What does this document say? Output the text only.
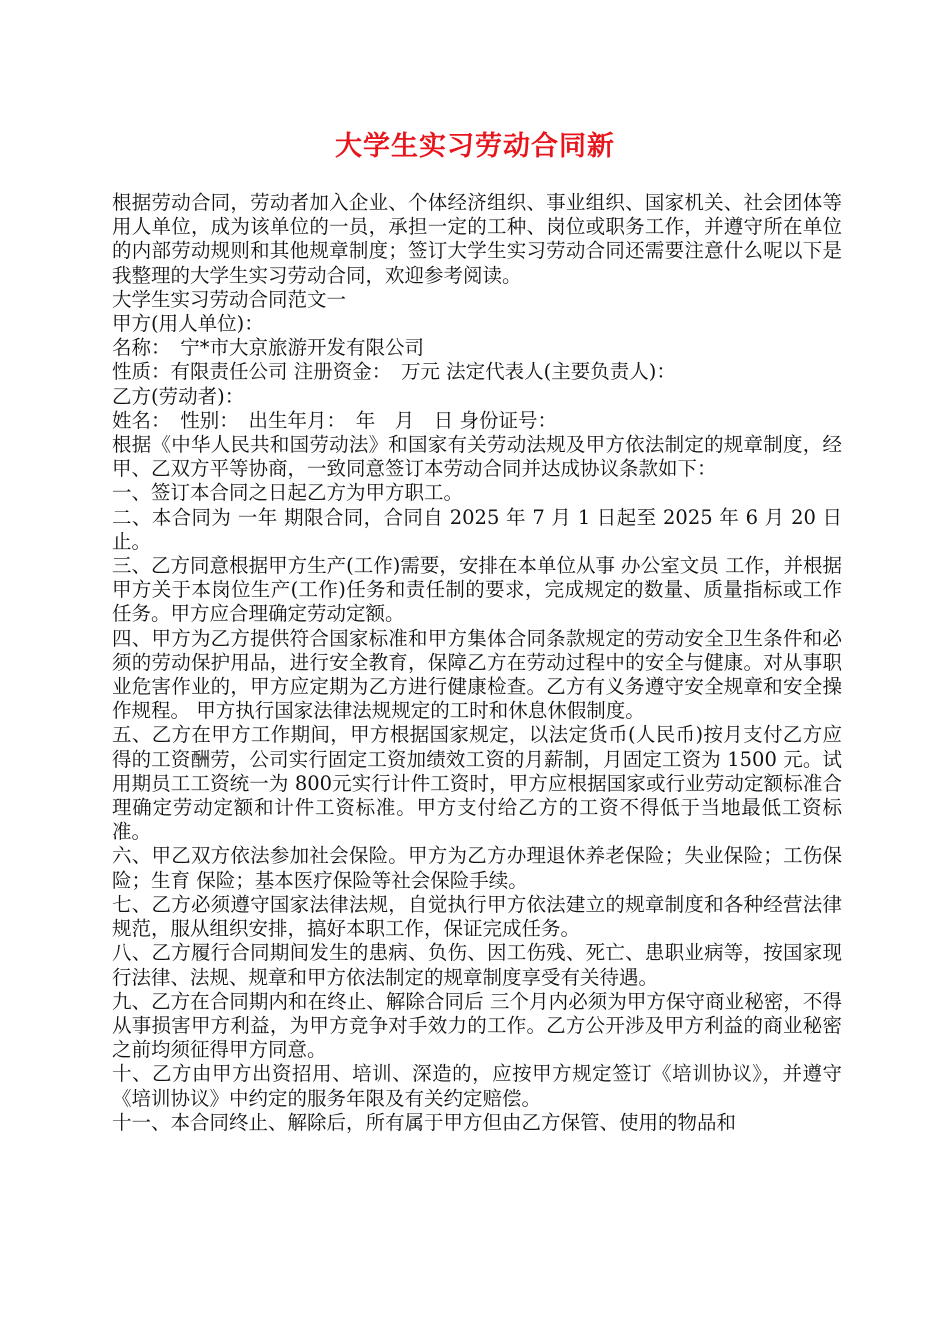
大学生实习劳动合同新

根据劳动合同，劳动者加入企业、个体经济组织、事业组织、国家机关、社会团体等用人单位，成为该单位的一员，承担一定的工种、岗位或职务工作，并遵守所在单位的内部劳动规则和其他规章制度；签订大学生实习劳动合同还需要注意什么呢以下是我整理的大学生实习劳动合同，欢迎参考阅读。

大学生实习劳动合同范文一

甲方(用人单位)：

名称：　宁*市大京旅游开发有限公司

性质：有限责任公司 注册资金：　万元 法定代表人(主要负责人)：

乙方(劳动者)：

姓名：　性别：　出生年月：　年　月　日 身份证号：

根据《中华人民共和国劳动法》和国家有关劳动法规及甲方依法制定的规章制度，经甲、乙双方平等协商，一致同意签订本劳动合同并达成协议条款如下：

一、签订本合同之日起乙方为甲方职工。

二、本合同为 一年 期限合同，合同自 2025 年 7 月 1 日起至 2025 年 6 月 20 日止。

三、乙方同意根据甲方生产(工作)需要，安排在本单位从事 办公室文员 工作，并根据甲方关于本岗位生产(工作)任务和责任制的要求，完成规定的数量、质量指标或工作任务。甲方应合理确定劳动定额。

四、甲方为乙方提供符合国家标准和甲方集体合同条款规定的劳动安全卫生条件和必须的劳动保护用品，进行安全教育，保障乙方在劳动过程中的安全与健康。对从事职业危害作业的，甲方应定期为乙方进行健康检查。乙方有义务遵守安全规章和安全操作规程。 甲方执行国家法律法规规定的工时和休息休假制度。

五、乙方在甲方工作期间，甲方根据国家规定，以法定货币(人民币)按月支付乙方应得的工资酬劳，公司实行固定工资加绩效工资的月薪制，月固定工资为 1500 元。试用期员工工资统一为 800元实行计件工资时，甲方应根据国家或行业劳动定额标准合理确定劳动定额和计件工资标准。甲方支付给乙方的工资不得低于当地最低工资标准。

六、甲乙双方依法参加社会保险。甲方为乙方办理退休养老保险；失业保险；工伤保险；生育 保险；基本医疗保险等社会保险手续。

七、乙方必须遵守国家法律法规，自觉执行甲方依法建立的规章制度和各种经营法律规范，服从组织安排，搞好本职工作，保证完成任务。

八、乙方履行合同期间发生的患病、负伤、因工伤残、死亡、患职业病等，按国家现行法律、法规、规章和甲方依法制定的规章制度享受有关待遇。

九、乙方在合同期内和在终止、解除合同后 三个月内必须为甲方保守商业秘密，不得从事损害甲方利益，为甲方竞争对手效力的工作。乙方公开涉及甲方利益的商业秘密之前均须征得甲方同意。

十、乙方由甲方出资招用、培训、深造的，应按甲方规定签订《培训协议》，并遵守《培训协议》中约定的服务年限及有关约定赔偿。

十一、本合同终止、解除后，所有属于甲方但由乙方保管、使用的物品和
